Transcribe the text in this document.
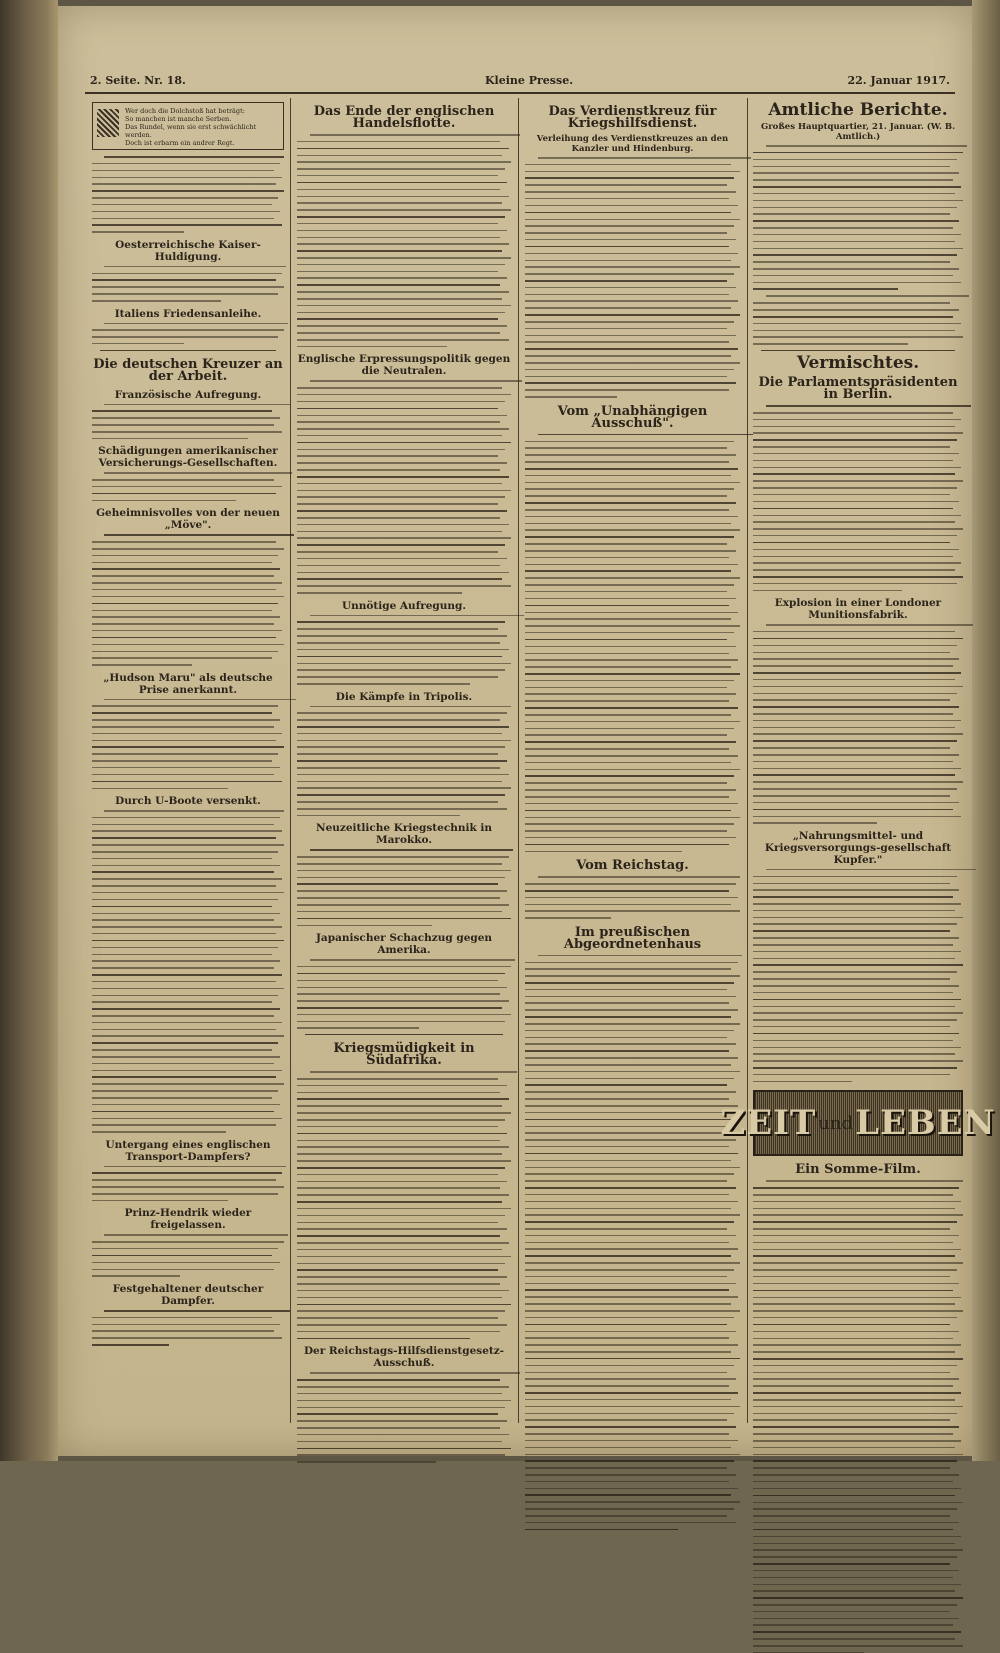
2. Seite. Nr. 18.	Kleine Presse.	22. Januar 1917.
Wer doch die Dolchstoß hat beträgt:
So manchen ist manche Serben.
Das Rundel, wenn sie erst schwächlicht werden.
Doch ist erbarm ein andrer Regt.
Oesterreichische Kaiser-Huldigung.
Italiens Friedensanleihe.
Die deutschen Kreuzer an der Arbeit.
Französische Aufregung.
Schädigungen amerikanischer Versicherungs-Gesellschaften.
Geheimnisvolles von der neuen „Möve".
„Hudson Maru" als deutsche Prise anerkannt.
Durch U-Boote versenkt.
Untergang eines englischen Transport-Dampfers?
Prinz-Hendrik wieder freigelassen.
Festgehaltener deutscher Dampfer.
Das Ende der englischen Handelsflotte.
Englische Erpressungspolitik gegen die Neutralen.
Unnötige Aufregung.
Die Kämpfe in Tripolis.
Neuzeitliche Kriegstechnik in Marokko.
Japanischer Schachzug gegen Amerika.
Kriegsmüdigkeit in Südafrika.
Der Reichstags-Hilfsdienstgesetz-Ausschuß.
Das Verdienstkreuz für Kriegshilfsdienst.
Verleihung des Verdienstkreuzes an den Kanzler und Hindenburg.
Vom „Unabhängigen Ausschuß".
Vom Reichstag.
Im preußischen Abgeordnetenhaus
Amtliche Berichte.
Großes Hauptquartier, 21. Januar. (W. B. Amtlich.)
Vermischtes.
Die Parlamentspräsidenten in Berlin.
Explosion in einer Londoner Munitionsfabrik.
„Nahrungsmittel- und Kriegsversorgungs-gesellschaft Kupfer."
ZEIT und LEBEN
Ein Somme-Film.
